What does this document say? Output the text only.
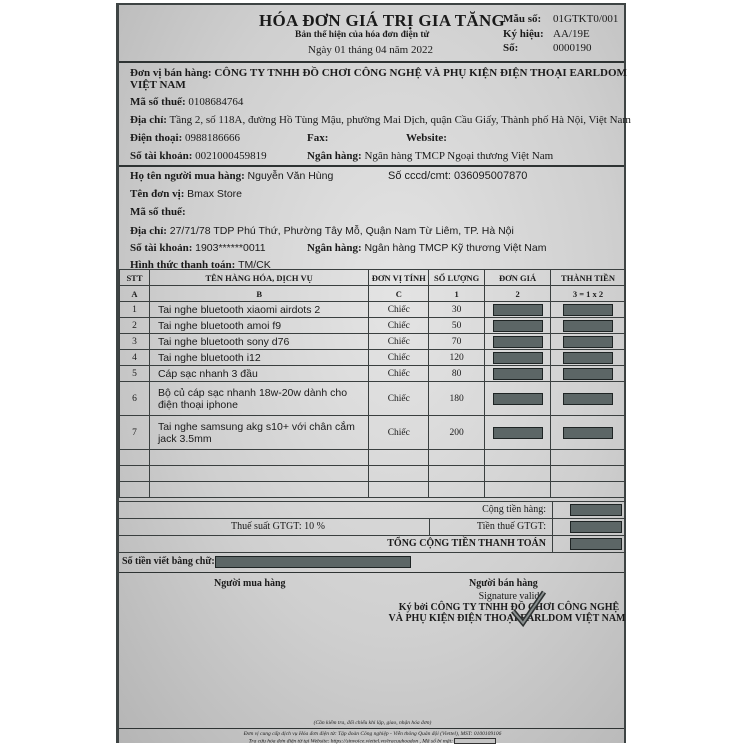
HÓA ĐƠN GIÁ TRỊ GIA TĂNG
Bản thể hiện của hóa đơn điện tử
Ngày 01 tháng 04 năm 2022
Mẫu số: 01GTKT0/001
Ký hiệu: AA/19E
Số:	0000190
Đơn vị bán hàng: CÔNG TY TNHH ĐỒ CHƠI CÔNG NGHỆ VÀ PHỤ KIỆN ĐIỆN THOẠI EARLDOM
VIỆT NAM
Mã số thuế: 0108684764
Địa chỉ: Tầng 2, số 118A, đường Hồ Tùng Mậu, phường Mai Dịch, quận Cầu Giấy, Thành phố Hà Nội, Việt Nam
Điện thoại: 0988186666	Fax:	Website:
Số tài khoản: 0021000459819	Ngân hàng: Ngân hàng TMCP Ngoại thương Việt Nam
Họ tên người mua hàng: Nguyễn Văn Hùng	Số cccd/cmt: 036095007870
Tên đơn vị: Bmax Store
Mã số thuế:
Địa chỉ: 27/71/78 TDP Phú Thứ, Phường Tây Mỗ, Quận Nam Từ Liêm, TP. Hà Nội
Số tài khoản: 1903******0011	Ngân hàng: Ngân hàng TMCP Kỹ thương Việt Nam
Hình thức thanh toán: TM/CK
STT	TÊN HÀNG HÓA, DỊCH VỤ	ĐƠN VỊ TÍNH	SỐ LƯỢNG	ĐƠN GIÁ	THÀNH TIỀN
A	B	C	1	2	3 = 1 x 2
1	Tai nghe bluetooth xiaomi airdots 2	Chiếc	30		
2	Tai nghe bluetooth amoi f9	Chiếc	50		
3	Tai nghe bluetooth sony d76	Chiếc	70		
4	Tai nghe bluetooth i12	Chiếc	120		
5	Cáp sạc nhanh 3 đầu	Chiếc	80		
6	Bộ củ cáp sạc nhanh 18w-20w dành cho điện thoại iphone	Chiếc	180		
7	Tai nghe samsung akg s10+ với chân cắm jack 3.5mm	Chiếc	200		

Cộng tiền hàng:
Thuế suất GTGT: 10 %	Tiền thuế GTGT:
TỔNG CỘNG TIỀN THANH TOÁN
Số tiền viết bằng chữ:
Người mua hàng	Người bán hàng
Signature valid
Ký bởi CÔNG TY TNHH ĐỒ CHƠI CÔNG NGHỆ
VÀ PHỤ KIỆN ĐIỆN THOẠI EARLDOM VIỆT NAM
(Cần kiểm tra, đối chiếu khi lập, giao, nhận hóa đơn)
Đơn vị cung cấp dịch vụ Hóa đơn điện tử: Tập đoàn Công nghiệp - Viễn thông Quân đội (Viettel), MST: 0100109106
Tra cứu hóa đơn điện tử tại Website: https://sinvoice.viettel.vn/tracuuhoadon , Mã số bí mật:
